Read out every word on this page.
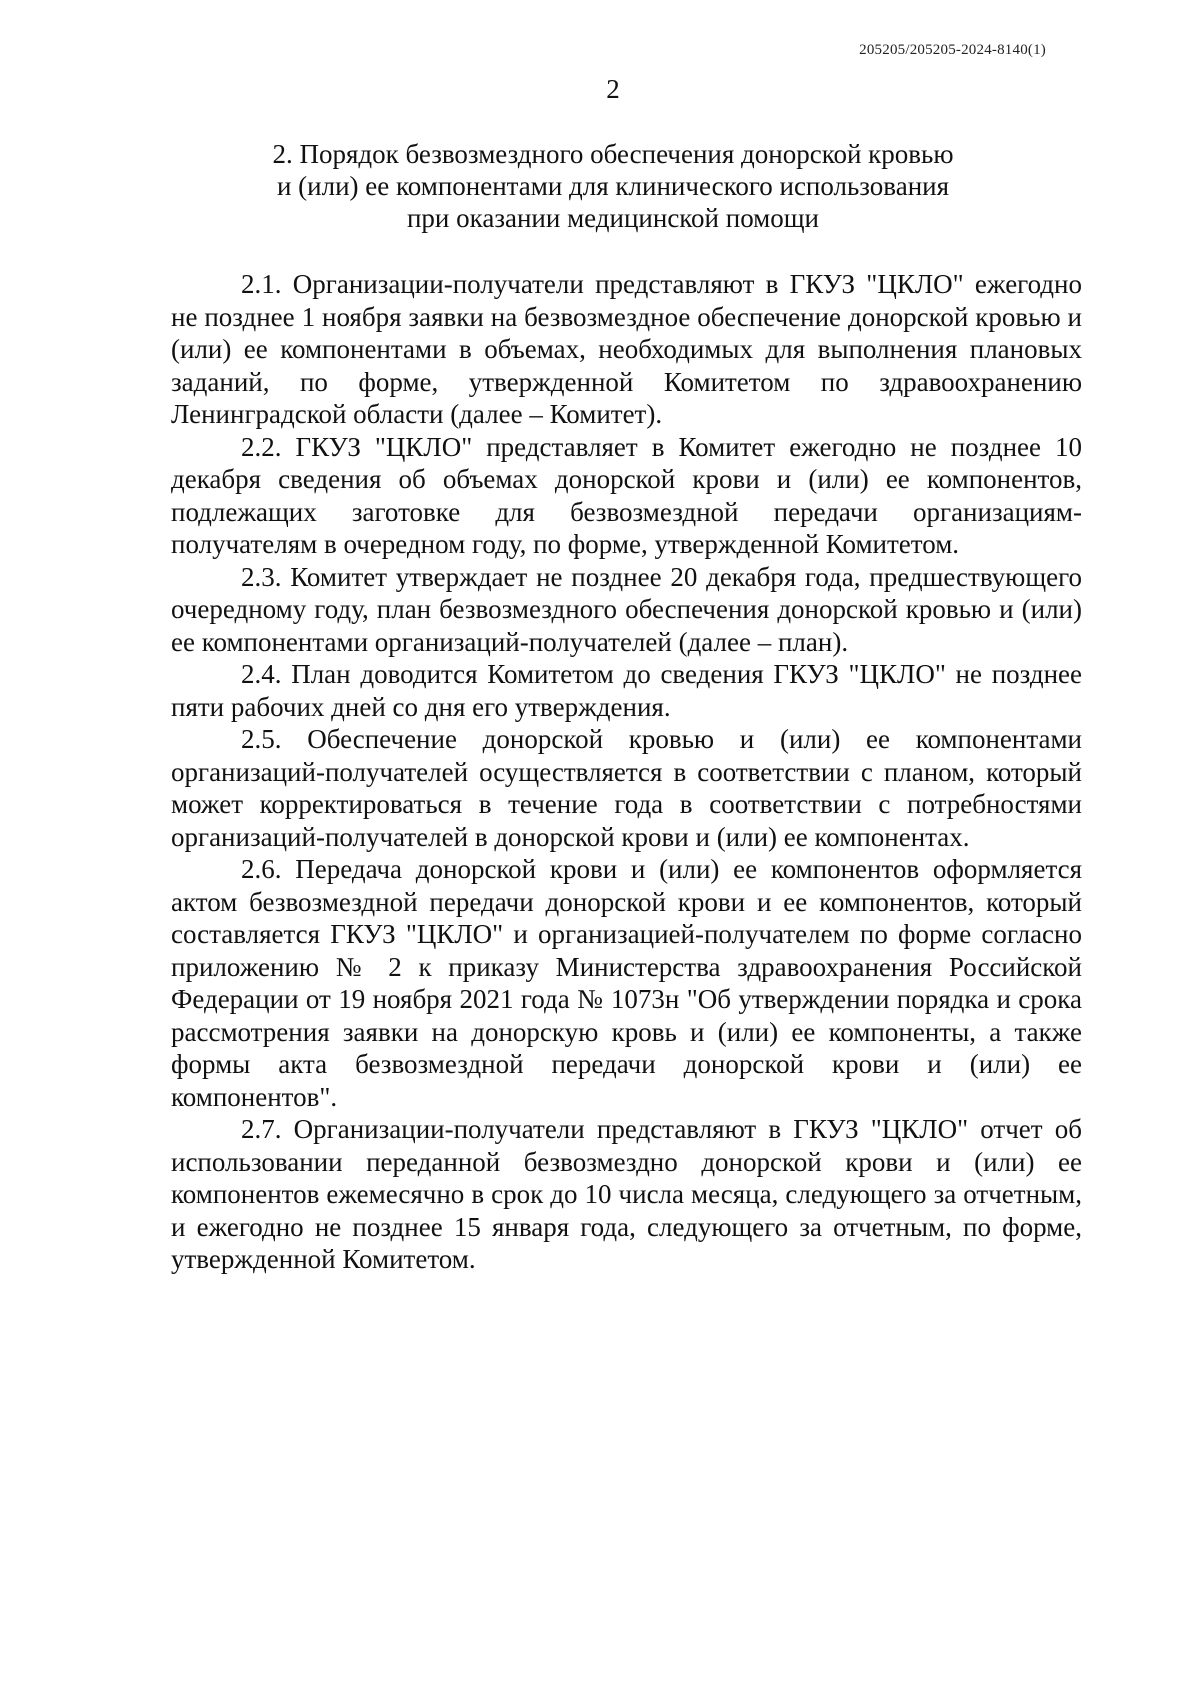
205205/205205-2024-8140(1)
2
2. Порядок безвозмездного обеспечения донорской кровью
и (или) ее компонентами для клинического использования
при оказании медицинской помощи

2.1. Организации-получатели представляют в ГКУЗ "ЦКЛО" ежегодно не позднее 1 ноября заявки на безвозмездное обеспечение донорской кровью и (или) ее компонентами в объемах, необходимых для выполнения плановых заданий, по форме, утвержденной Комитетом по здравоохранению Ленинградской области (далее – Комитет).

2.2. ГКУЗ "ЦКЛО" представляет в Комитет ежегодно не позднее 10 декабря сведения об объемах донорской крови и (или) ее компонентов, подлежащих заготовке для безвозмездной передачи организациям-получателям в очередном году, по форме, утвержденной Комитетом.

2.3. Комитет утверждает не позднее 20 декабря года, предшествующего очередному году, план безвозмездного обеспечения донорской кровью и (или) ее компонентами организаций-получателей (далее – план).

2.4. План доводится Комитетом до сведения ГКУЗ "ЦКЛО" не позднее пяти рабочих дней со дня его утверждения.

2.5. Обеспечение донорской кровью и (или) ее компонентами организаций-получателей осуществляется в соответствии с планом, который может корректироваться в течение года в соответствии с потребностями организаций-получателей в донорской крови и (или) ее компонентах.

2.6. Передача донорской крови и (или) ее компонентов оформляется актом безвозмездной передачи донорской крови и ее компонентов, который составляется ГКУЗ "ЦКЛО" и организацией-получателем по форме согласно приложению № 2 к приказу Министерства здравоохранения Российской Федерации от 19 ноября 2021 года № 1073н "Об утверждении порядка и срока рассмотрения заявки на донорскую кровь и (или) ее компоненты, а также формы акта безвозмездной передачи донорской крови и (или) ее компонентов".

2.7. Организации-получатели представляют в ГКУЗ "ЦКЛО" отчет об использовании переданной безвозмездно донорской крови и (или) ее компонентов ежемесячно в срок до 10 числа месяца, следующего за отчетным, и ежегодно не позднее 15 января года, следующего за отчетным, по форме, утвержденной Комитетом.
